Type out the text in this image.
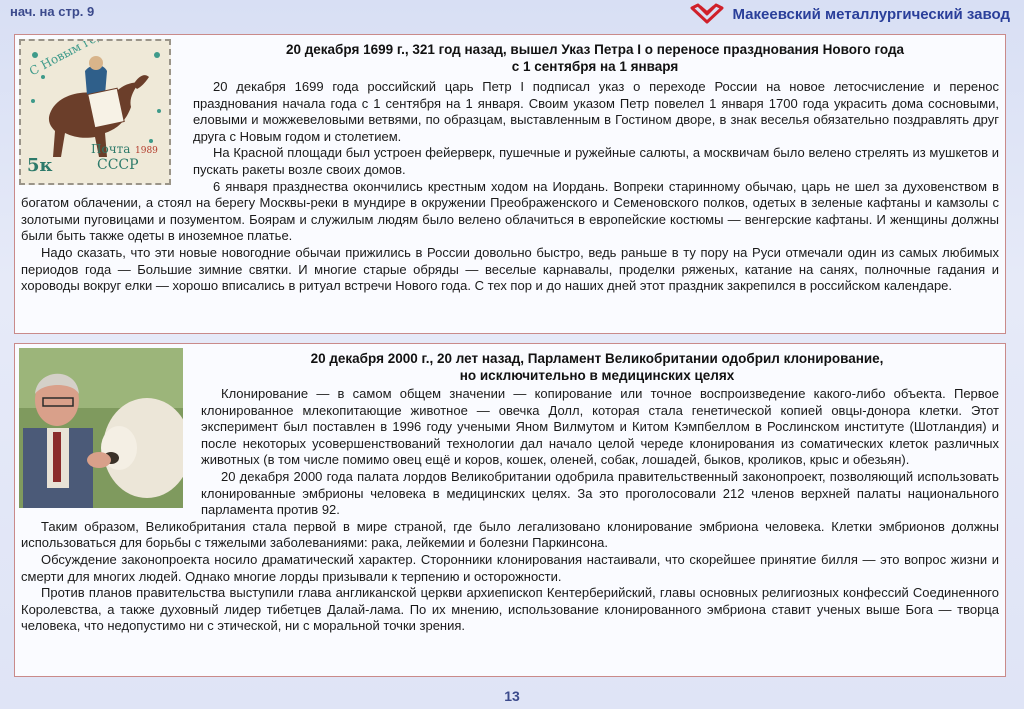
нач. на стр. 9	Макеевский металлургический завод
5к
Почта 1989
СССР
20 декабря 1699 г., 321 год назад, вышел Указ Петра I о переносе празднования Нового года
с 1 сентября на 1 января

20 декабря 1699 года российский царь Петр I подписал указ о переходе России на новое летосчисление и перенос празднования начала года с 1 сентября на 1 января. Своим указом Петр повелел 1 января 1700 года украсить дома сосновыми, еловыми и можжевеловыми ветвями, по образцам, выставленным в Гостином дворе, в знак веселья обязательно поздравлять друг друга с Новым годом и столетием.

На Красной площади был устроен фейерверк, пушечные и ружейные салюты, а москвичам было велено стрелять из мушкетов и пускать ракеты возле своих домов.

6 января празднества окончились крестным ходом на Иордань. Вопреки старинному обычаю, царь не шел за духовенством в богатом облачении, а стоял на берегу Москвы-реки в мундире в окружении Преображенского и Семеновского полков, одетых в зеленые кафтаны и камзолы с золотыми пуговицами и позументом. Боярам и служилым людям было велено облачиться в европейские костюмы — венгерские кафтаны. И женщины должны были быть также одеты в иноземное платье.

Надо сказать, что эти новые новогодние обычаи прижились в России довольно быстро, ведь раньше в ту пору на Руси отмечали один из самых любимых периодов года — Большие зимние святки. И многие старые обряды — веселые карнавалы, проделки ряженых, катание на санях, полночные гадания и хороводы вокруг елки — хорошо вписались в ритуал встречи Нового года. С тех пор и до наших дней этот праздник закрепился в российском календаре.

20 декабря 2000 г., 20 лет назад, Парламент Великобритании одобрил клонирование,
но исключительно в медицинских целях

Клонирование — в самом общем значении — копирование или точное воспроизведение какого-либо объекта. Первое клонированное млекопитающие животное — овечка Долл, которая стала генетической копией овцы-донора клетки. Этот эксперимент был поставлен в 1996 году учеными Яном Вилмутом и Китом Кэмпбеллом в Рослинском институте (Шотландия) и после некоторых усовершенствований технологии дал начало целой череде клонирования из соматических клеток различных животных (в том числе помимо овец ещё и коров, кошек, оленей, собак, лошадей, быков, кроликов, крыс и обезьян).

20 декабря 2000 года палата лордов Великобритании одобрила правительственный законопроект, позволяющий использовать клонированные эмбрионы человека в медицинских целях. За это проголосовали 212 членов верхней палаты национального парламента против 92.

Таким образом, Великобритания стала первой в мире страной, где было легализовано клонирование эмбриона человека. Клетки эмбрионов должны использоваться для борьбы с тяжелыми заболеваниями: рака, лейкемии и болезни Паркинсона.

Обсуждение законопроекта носило драматический характер. Сторонники клонирования настаивали, что скорейшее принятие билля — это вопрос жизни и смерти для многих людей. Однако многие лорды призывали к терпению и осторожности.

Против планов правительства выступили глава англиканской церкви архиепископ Кентерберийский, главы основных религиозных конфессий Соединенного Королевства, а также духовный лидер тибетцев Далай-лама. По их мнению, использование клонированного эмбриона ставит ученых выше Бога — творца человека, что недопустимо ни с этической, ни с моральной точки зрения.

13
